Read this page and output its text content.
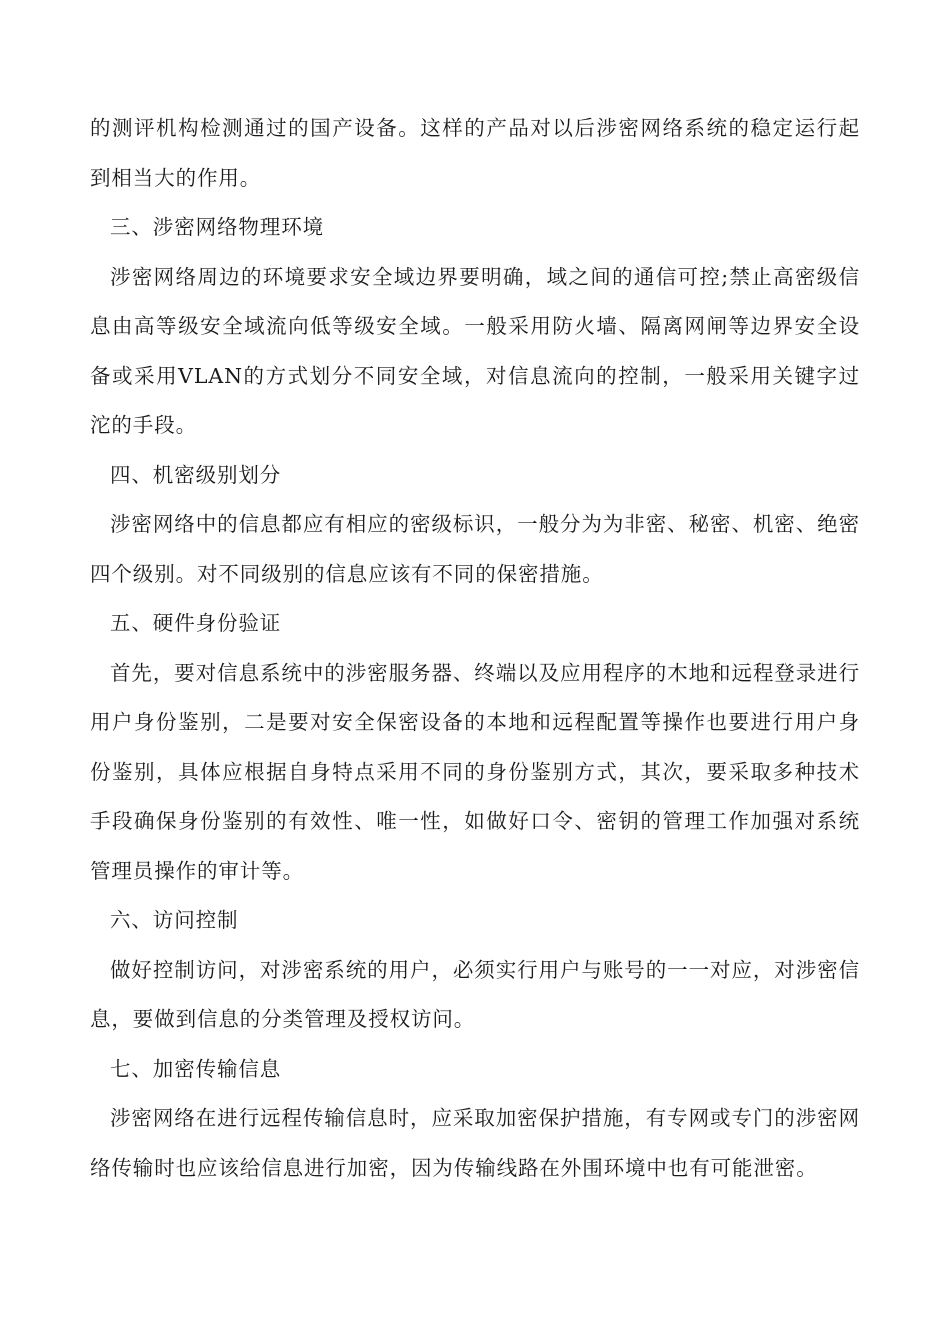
的测评机构检测通过的国产设备。这样的产品对以后涉密网络系统的稳定运行起到相当大的作用。

三、涉密网络物理环境

涉密网络周边的环境要求安全域边界要明确，域之间的通信可控;禁止高密级信息由高等级安全域流向低等级安全域。一般采用防火墙、隔离网闸等边界安全设备或采用VLAN的方式划分不同安全域，对信息流向的控制，一般采用关键字过沱的手段。

四、机密级别划分

涉密网络中的信息都应有相应的密级标识，一般分为为非密、秘密、机密、绝密四个级别。对不同级别的信息应该有不同的保密措施。

五、硬件身份验证

首先，要对信息系统中的涉密服务器、终端以及应用程序的木地和远程登录进行用户身份鉴别，二是要对安全保密设备的本地和远程配置等操作也要进行用户身份鉴别，具体应根据自身特点采用不同的身份鉴别方式，其次，要采取多种技术手段确保身份鉴别的有效性、唯一性，如做好口令、密钥的管理工作加强对系统管理员操作的审计等。

六、访问控制

做好控制访问，对涉密系统的用户，必须实行用户与账号的一一对应，对涉密信息，要做到信息的分类管理及授权访问。

七、加密传输信息

涉密网络在进行远程传输信息时，应采取加密保护措施，有专网或专门的涉密网络传输时也应该给信息进行加密，因为传输线路在外围环境中也有可能泄密。
